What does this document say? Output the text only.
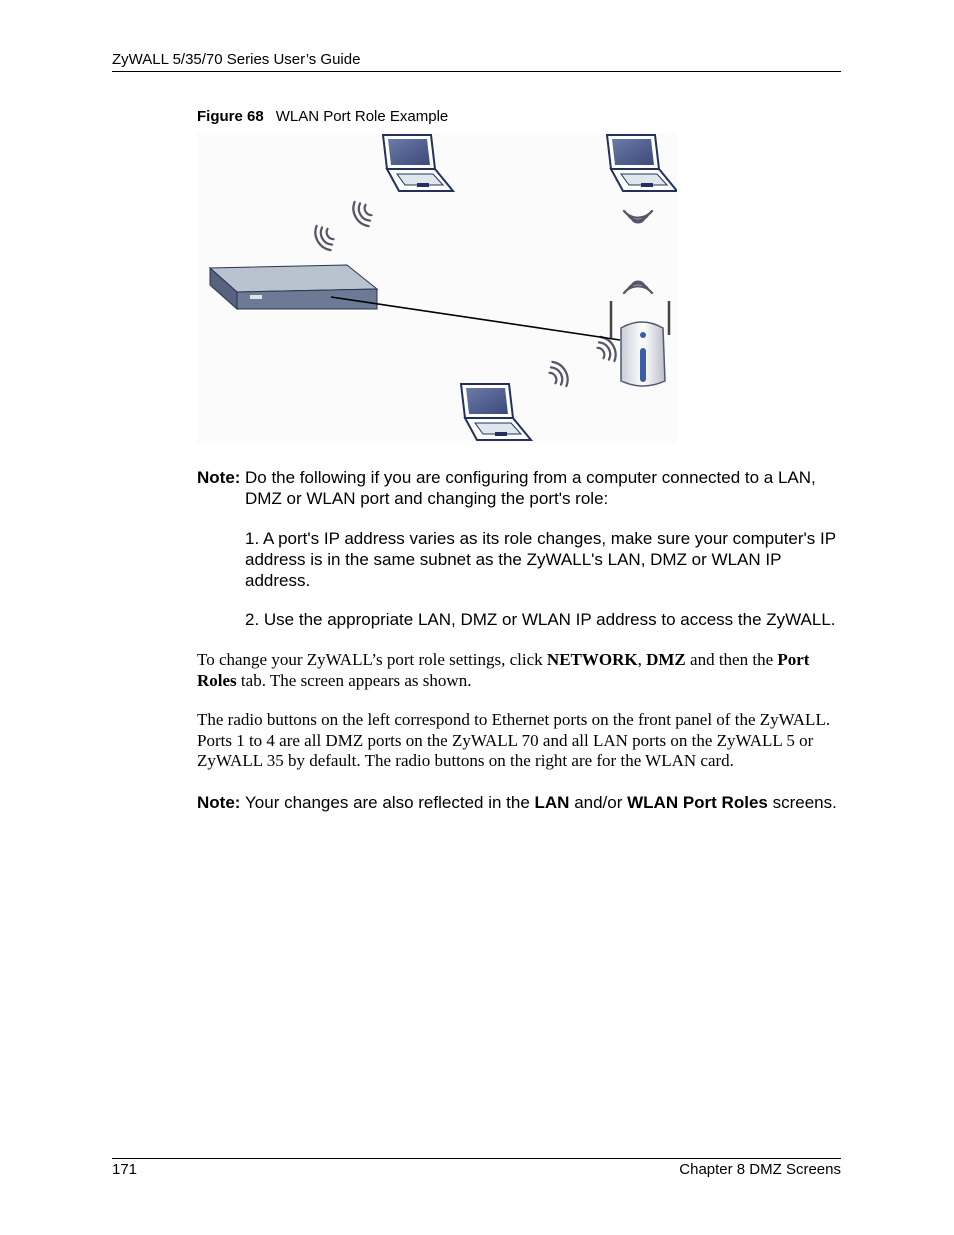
ZyWALL 5/35/70 Series User’s Guide
Figure 68 WLAN Port Role Example
Note: Do the following if you are configuring from a computer connected to a LAN,
DMZ or WLAN port and changing the port's role:
1. A port's IP address varies as its role changes, make sure your computer's IP
address is in the same subnet as the ZyWALL's LAN, DMZ or WLAN IP
address.
2. Use the appropriate LAN, DMZ or WLAN IP address to access the ZyWALL.
To change your ZyWALL’s port role settings, click NETWORK, DMZ and then the Port
Roles tab. The screen appears as shown.
The radio buttons on the left correspond to Ethernet ports on the front panel of the ZyWALL.
Ports 1 to 4 are all DMZ ports on the ZyWALL 70 and all LAN ports on the ZyWALL 5 or
ZyWALL 35 by default. The radio buttons on the right are for the WLAN card.
Note: Your changes are also reflected in the LAN and/or WLAN Port Roles screens.
171	Chapter 8 DMZ Screens
